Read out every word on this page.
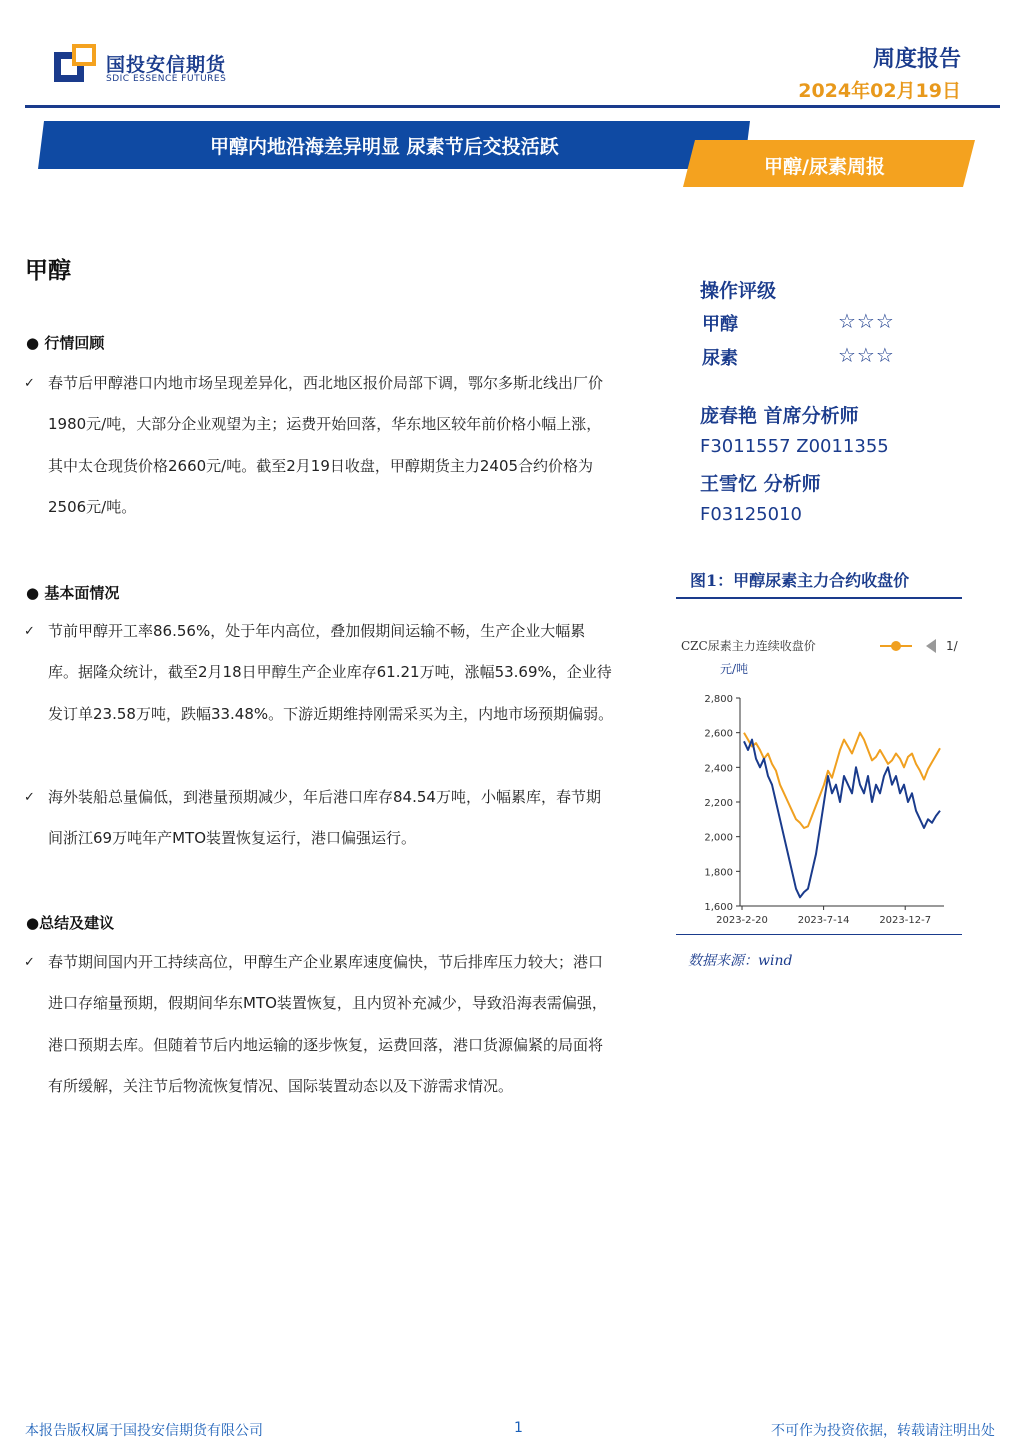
国投安信期货
SDIC ESSENCE FUTURES
周度报告
2024年02月19日
甲醇内地沿海差异明显 尿素节后交投活跃
甲醇/尿素周报
甲醇
● 行情回顾
✓ 春节后甲醇港口内地市场呈现差异化，西北地区报价局部下调，鄂尔多斯北线出厂价1980元/吨，大部分企业观望为主；运费开始回落，华东地区较年前价格小幅上涨，其中太仓现货价格2660元/吨。截至2月19日收盘，甲醇期货主力2405合约价格为2506元/吨。
● 基本面情况
✓ 节前甲醇开工率86.56%，处于年内高位，叠加假期间运输不畅，生产企业大幅累库。据隆众统计，截至2月18日甲醇生产企业库存61.21万吨，涨幅53.69%，企业待发订单23.58万吨，跌幅33.48%。下游近期维持刚需采买为主，内地市场预期偏弱。
✓ 海外装船总量偏低，到港量预期减少，年后港口库存84.54万吨，小幅累库，春节期间浙江69万吨年产MTO装置恢复运行，港口偏强运行。
●总结及建议
✓ 春节期间国内开工持续高位，甲醇生产企业累库速度偏快，节后排库压力较大；港口进口存缩量预期，假期间华东MTO装置恢复，且内贸补充减少，导致沿海表需偏强，港口预期去库。但随着节后内地运输的逐步恢复，运费回落，港口货源偏紧的局面将有所缓解，关注节后物流恢复情况、国际装置动态以及下游需求情况。
操作评级
甲醇	☆☆☆
尿素	☆☆☆
庞春艳 首席分析师
F3011557 Z0011355
王雪忆 分析师
F03125010
图1：甲醇尿素主力合约收盘价
CZC尿素主力连续收盘价	1/
元/吨
1,600
1,800
2,000
2,200
2,400
2,600
2,800
2023-2-20	2023-7-14	2023-12-7
数据来源：wind
本报告版权属于国投安信期货有限公司	1	不可作为投资依据，转载请注明出处
